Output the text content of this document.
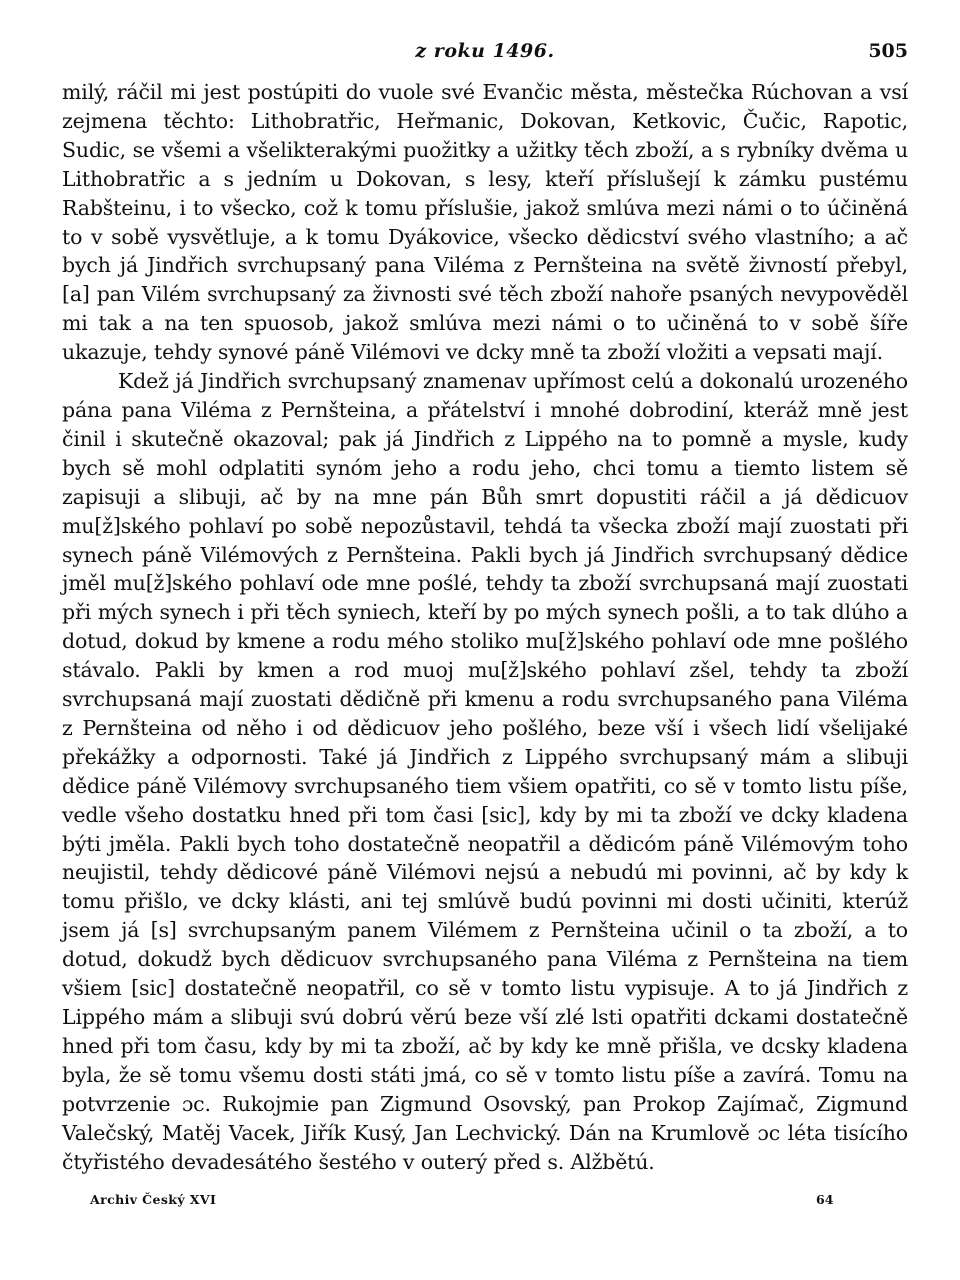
z roku 1496.	505

milý, ráčil mi jest postúpiti do vuole své Evančic města, městečka Rúchovan a vsí zejmena těchto: Lithobratřic, Heřmanic, Dokovan, Ketkovic, Čučic, Rapotic, Sudic, se všemi a všelikterakými puožitky a užitky těch zboží, a s rybníky dvěma u Lithobratřic a s jedním u Dokovan, s lesy, kteří příslušejí k zámku pustému Rabšteinu, i to všecko, což k tomu příslušie, jakož smlúva mezi námi o to účiněná to v sobě vysvětluje, a k tomu Dyákovice, všecko dědicství svého vlastního; a ač bych já Jindřich svrchupsaný pana Viléma z Pernšteina na světě živností přebyl, [a] pan Vilém svrchupsaný za živnosti své těch zboží nahoře psaných nevypověděl mi tak a na ten spuosob, jakož smlúva mezi námi o to učiněná to v sobě šíře ukazuje, tehdy synové páně Vilémovi ve dcky mně ta zboží vložiti a vepsati mají.

Kdež já Jindřich svrchupsaný znamenav upřímost celú a dokonalú urozeného pána pana Viléma z Pernšteina, a přátelství i mnohé dobrodiní, kteráž mně jest činil i skutečně okazoval; pak já Jindřich z Lippého na to pomně a mysle, kudy bych sě mohl odplatiti synóm jeho a rodu jeho, chci tomu a tiemto listem sě zapisuji a slibuji, ač by na mne pán Bůh smrt dopustiti ráčil a já dědicuov mu[ž]ského pohlaví po sobě nepozůstavil, tehdá ta všecka zboží mají zuostati při synech páně Vilémových z Pernšteina. Pakli bych já Jindřich svrchupsaný dědice jměl mu[ž]ského pohlaví ode mne poślé, tehdy ta zboží svrchupsaná mají zuostati při mých synech i při těch syniech, kteří by po mých synech pošli, a to tak dlúho a dotud, dokud by kmene a rodu mého stoliko mu[ž]ského pohlaví ode mne pošlého stávalo. Pakli by kmen a rod muoj mu[ž]ského pohlaví zšel, tehdy ta zboží svrchupsaná mají zuostati dědičně při kmenu a rodu svrchupsaného pana Viléma z Pernšteina od něho i od dědicuov jeho pošlého, beze vší i všech lidí všelijaké překážky a odpornosti. Také já Jindřich z Lippého svrchupsaný mám a slibuji dědice páně Vilémovy svrchupsaného tiem všiem opatřiti, co sě v tomto listu píše, vedle všeho dostatku hned při tom časi [sic], kdy by mi ta zboží ve dcky kladena býti jměla. Pakli bych toho dostatečně neopatřil a dědicóm páně Vilémovým toho neujistil, tehdy dědicové páně Vilémovi nejsú a nebudú mi povinni, ač by kdy k tomu přišlo, ve dcky klásti, ani tej smlúvě budú povinni mi dosti učiniti, kterúž jsem já [s] svrchupsaným panem Vilémem z Pernšteina učinil o ta zboží, a to dotud, dokudž bych dědicuov svrchupsaného pana Viléma z Pernšteina na tiem všiem [sic] dostatečně neopatřil, co sě v tomto listu vypisuje. A to já Jindřich z Lippého mám a slibuji svú dobrú věrú beze vší zlé lsti opatřiti dckami dostatečně hned při tom času, kdy by mi ta zboží, ač by kdy ke mně přišla, ve dcsky kladena byla, že sě tomu všemu dosti státi jmá, co sě v tomto listu píše a zavírá. Tomu na potvrzenie ɔc. Rukojmie pan Zigmund Osovský, pan Prokop Zajímač, Zigmund Valečský, Matěj Vacek, Jiřík Kusý, Jan Lechvický. Dán na Krumlově ɔc léta tisícího čtyřistého devadesátého šestého v outerý před s. Alžbětú.

Archiv Český XVI	64
